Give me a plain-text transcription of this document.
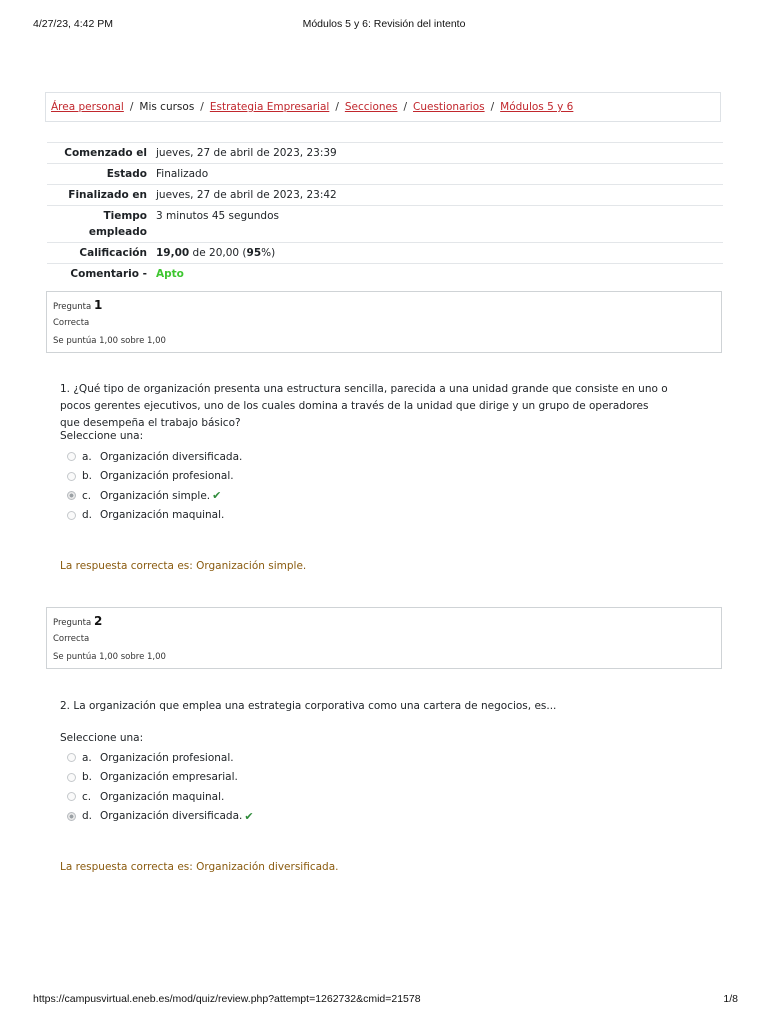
4/27/23, 4:42 PM	Módulos 5 y 6: Revisión del intento
Área personal / Mis cursos / Estrategia Empresarial / Secciones / Cuestionarios / Módulos 5 y 6
Comenzado el	jueves, 27 de abril de 2023, 23:39
Estado	Finalizado
Finalizado en	jueves, 27 de abril de 2023, 23:42
Tiempo
empleado	3 minutos 45 segundos
Calificación	19,00 de 20,00 (95%)
Comentario -	Apto
Pregunta 1
Correcta
Se puntúa 1,00 sobre 1,00
1. ¿Qué tipo de organización presenta una estructura sencilla, parecida a una unidad grande que consiste en uno o pocos gerentes ejecutivos, uno de los cuales domina a través de la unidad que dirige y un grupo de operadores que desempeña el trabajo básico?
Seleccione una:
a. Organización diversificada.
b. Organización profesional.
c. Organización simple. ✔
d. Organización maquinal.
La respuesta correcta es: Organización simple.
Pregunta 2
Correcta
Se puntúa 1,00 sobre 1,00
2. La organización que emplea una estrategia corporativa como una cartera de negocios, es...
Seleccione una:
a. Organización profesional.
b. Organización empresarial.
c. Organización maquinal.
d. Organización diversificada. ✔
La respuesta correcta es: Organización diversificada.
https://campusvirtual.eneb.es/mod/quiz/review.php?attempt=1262732&cmid=21578	1/8
